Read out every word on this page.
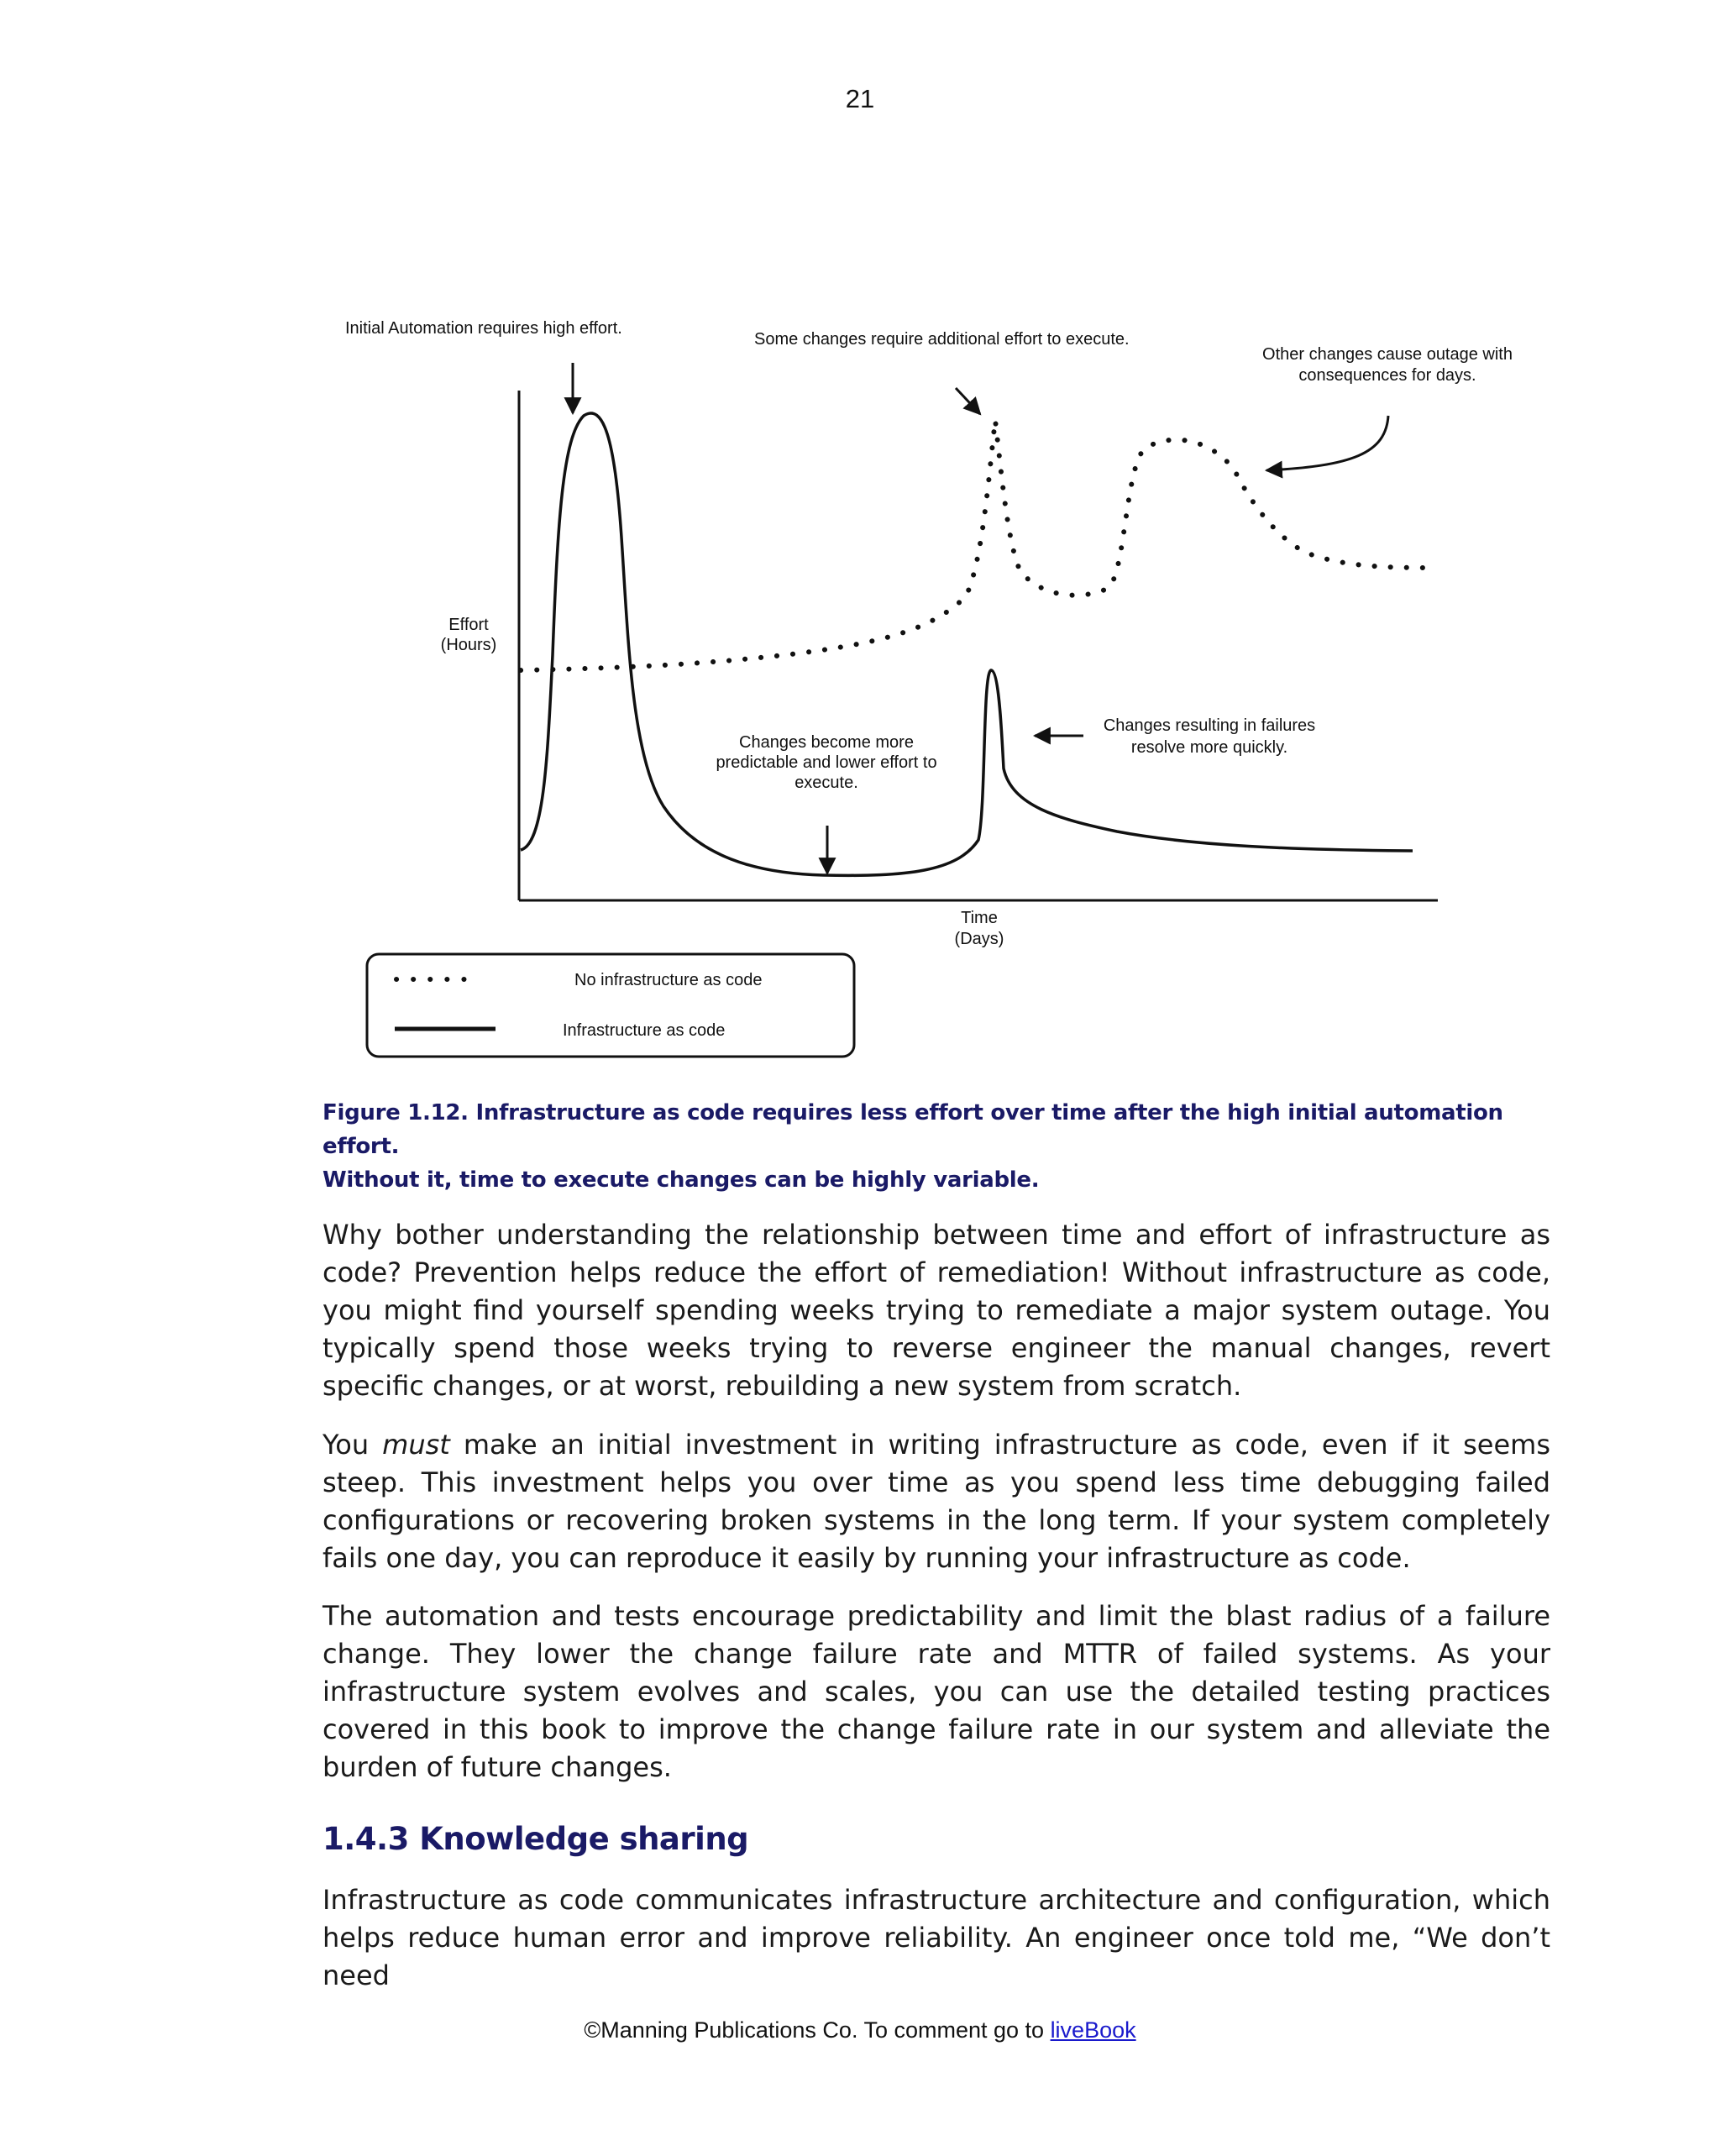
21
Initial Automation requires high effort.
Some changes require additional effort to execute.
Other changes cause outage with
consequences for days.
Changes become more
predictable and lower effort to
execute.
Changes resulting in failures
resolve more quickly.
Effort
(Hours)
Time
(Days)
No infrastructure as code
Infrastructure as code
Figure 1.12. Infrastructure as code requires less effort over time after the high initial automation effort.
Without it, time to execute changes can be highly variable.

Why bother understanding the relationship between time and effort of infrastructure as code? Prevention helps reduce the effort of remediation! Without infrastructure as code, you might find yourself spending weeks trying to remediate a major system outage. You typically spend those weeks trying to reverse engineer the manual changes, revert specific changes, or at worst, rebuilding a new system from scratch.

You must make an initial investment in writing infrastructure as code, even if it seems steep. This investment helps you over time as you spend less time debugging failed configurations or recovering broken systems in the long term. If your system completely fails one day, you can reproduce it easily by running your infrastructure as code.

The automation and tests encourage predictability and limit the blast radius of a failure change. They lower the change failure rate and MTTR of failed systems. As your infrastructure system evolves and scales, you can use the detailed testing practices covered in this book to improve the change failure rate in our system and alleviate the burden of future changes.

1.4.3 Knowledge sharing

Infrastructure as code communicates infrastructure architecture and configuration, which helps reduce human error and improve reliability. An engineer once told me, “We don’t need

©Manning Publications Co. To comment go to liveBook
